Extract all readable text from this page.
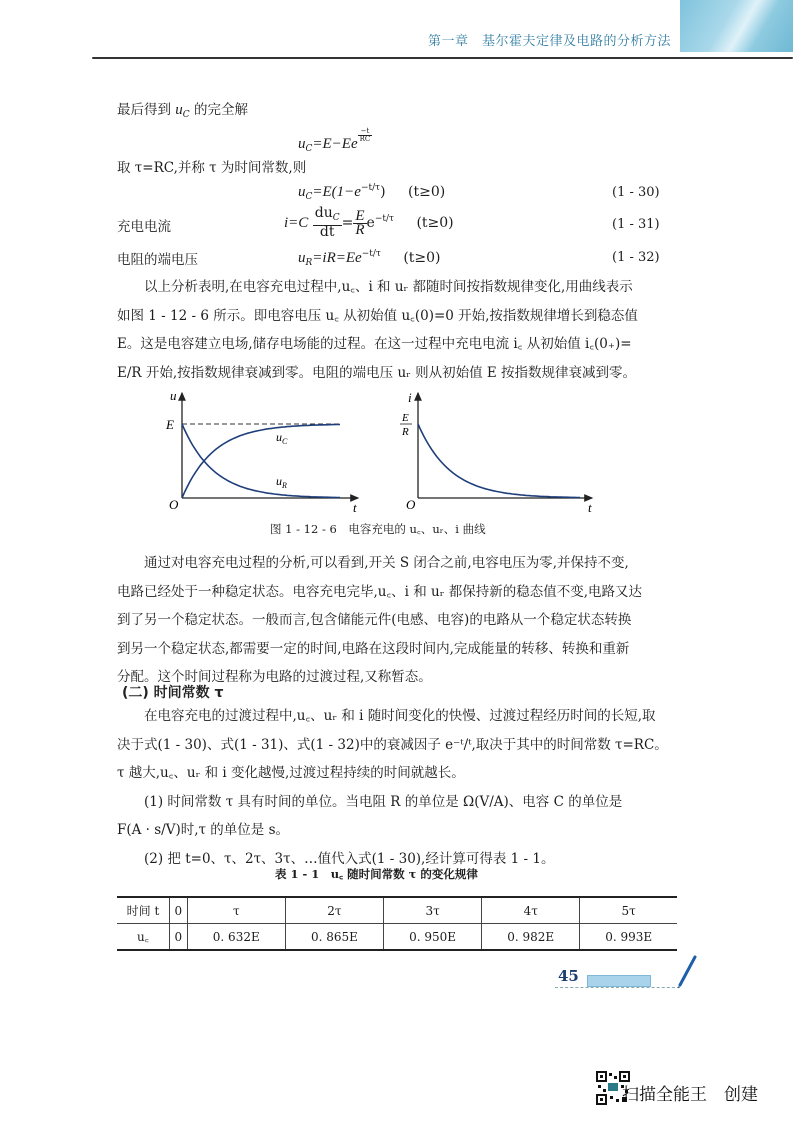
第一章　基尔霍夫定律及电路的分析方法
最后得到 $u_C$ 的完全解
$u_C=E-Ee$
$\frac{-t}{RC}$
取 τ=RC,并称 τ 为时间常数,则
$u_C=E(1-e^{-t/\tau})$ (t≥0)	(1 - 30)
充电电流	$i=C \frac{du_C}{dt} = \frac{E}{R} e^{-t/\tau}$ (t≥0)	(1 - 31)
电阻的端电压	$u_R=iR=Ee^{-t/\tau}$ (t≥0)	(1 - 32)

　　以上分析表明,在电容充电过程中,u꜀、i 和 uᵣ 都随时间按指数规律变化,用曲线表示

如图 1 - 12 - 6 所示。即电容电压 u꜀ 从初始值 u꜀(0)=0 开始,按指数规律增长到稳态值

E。这是电容建立电场,储存电场能的过程。在这一过程中充电电流 i꜀ 从初始值 i꜀(0₊)=

E/R 开始,按指数规律衰减到零。电阻的端电压 uᵣ 则从初始值 E 按指数规律衰减到零。

u
E
O	t
$u_C$
$u_R$
i
E
R
O	t
图 1 - 12 - 6　电容充电的 u꜀、uᵣ、i 曲线

　　通过对电容充电过程的分析,可以看到,开关 S 闭合之前,电容电压为零,并保持不变,

电路已经处于一种稳定状态。电容充电完毕,u꜀、i 和 uᵣ 都保持新的稳态值不变,电路又达

到了另一个稳定状态。一般而言,包含储能元件(电感、电容)的电路从一个稳定状态转换

到另一个稳定状态,都需要一定的时间,电路在这段时间内,完成能量的转移、转换和重新

分配。这个时间过程称为电路的过渡过程,又称暂态。

(二) 时间常数 τ

　　在电容充电的过渡过程中,u꜀、uᵣ 和 i 随时间变化的快慢、过渡过程经历时间的长短,取

决于式(1 - 30)、式(1 - 31)、式(1 - 32)中的衰减因子 e⁻ᵗ/ᵗ,取决于其中的时间常数 τ=RC。

τ 越大,u꜀、uᵣ 和 i 变化越慢,过渡过程持续的时间就越长。

　　(1) 时间常数 τ 具有时间的单位。当电阻 R 的单位是 Ω(V/A)、电容 C 的单位是

F(A · s/V)时,τ 的单位是 s。

　　(2) 把 t=0、τ、2τ、3τ、…值代入式(1 - 30),经计算可得表 1 - 1。

表 1 - 1　u꜀ 随时间常数 τ 的变化规律
时间 t	0	τ	2τ	3τ	4τ	5τ
u꜀	0	0. 632E	0. 865E	0. 950E	0. 982E	0. 993E
45
扫描全能王　创建
